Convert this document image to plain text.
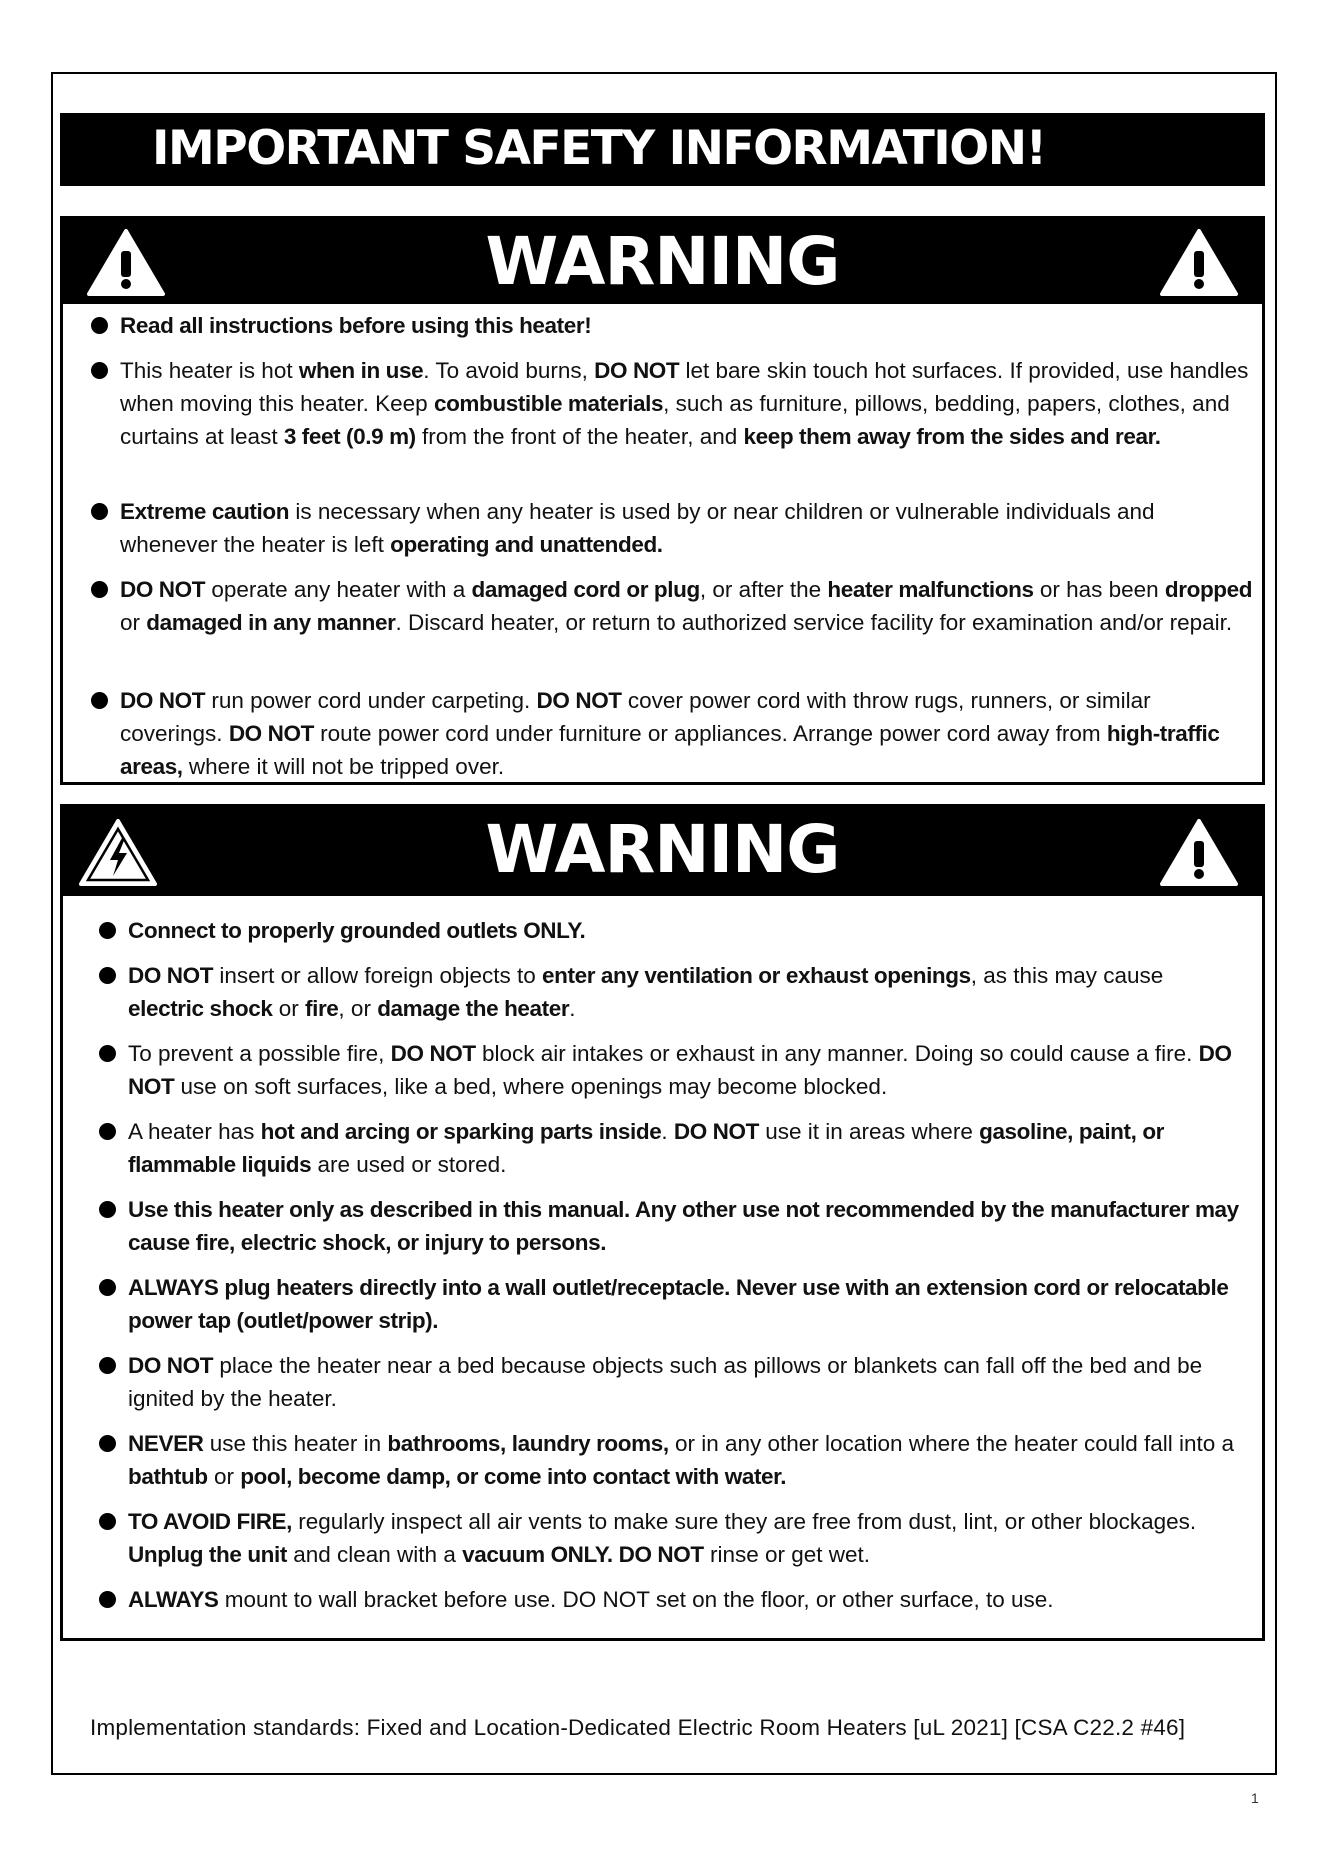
IMPORTANT SAFETY INFORMATION!
WARNING
Read all instructions before using this heater!
This heater is hot when in use. To avoid burns, DO NOT let bare skin touch hot surfaces. If provided, use handles when moving this heater. Keep combustible materials, such as furniture, pillows, bedding, papers, clothes, and curtains at least 3 feet (0.9 m) from the front of the heater, and keep them away from the sides and rear.
Extreme caution is necessary when any heater is used by or near children or vulnerable individuals and whenever the heater is left operating and unattended.
DO NOT operate any heater with a damaged cord or plug, or after the heater malfunctions or has been dropped or damaged in any manner. Discard heater, or return to authorized service facility for examination and/or repair.
DO NOT run power cord under carpeting. DO NOT cover power cord with throw rugs, runners, or similar coverings. DO NOT route power cord under furniture or appliances. Arrange power cord away from high-traffic areas, where it will not be tripped over.
WARNING
Connect to properly grounded outlets ONLY.
DO NOT insert or allow foreign objects to enter any ventilation or exhaust openings, as this may cause electric shock or fire, or damage the heater.
To prevent a possible fire, DO NOT block air intakes or exhaust in any manner. Doing so could cause a fire. DO NOT use on soft surfaces, like a bed, where openings may become blocked.
A heater has hot and arcing or sparking parts inside. DO NOT use it in areas where gasoline, paint, or flammable liquids are used or stored.
Use this heater only as described in this manual. Any other use not recommended by the manufacturer may cause fire, electric shock, or injury to persons.
ALWAYS plug heaters directly into a wall outlet/receptacle. Never use with an extension cord or relocatable power tap (outlet/power strip).
DO NOT place the heater near a bed because objects such as pillows or blankets can fall off the bed and be ignited by the heater.
NEVER use this heater in bathrooms, laundry rooms, or in any other location where the heater could fall into a bathtub or pool, become damp, or come into contact with water.
TO AVOID FIRE, regularly inspect all air vents to make sure they are free from dust, lint, or other blockages. Unplug the unit and clean with a vacuum ONLY. DO NOT rinse or get wet.
ALWAYS mount to wall bracket before use. DO NOT set on the floor, or other surface, to use.
Implementation standards: Fixed and Location-Dedicated Electric Room Heaters [uL 2021] [CSA C22.2 #46]
1
